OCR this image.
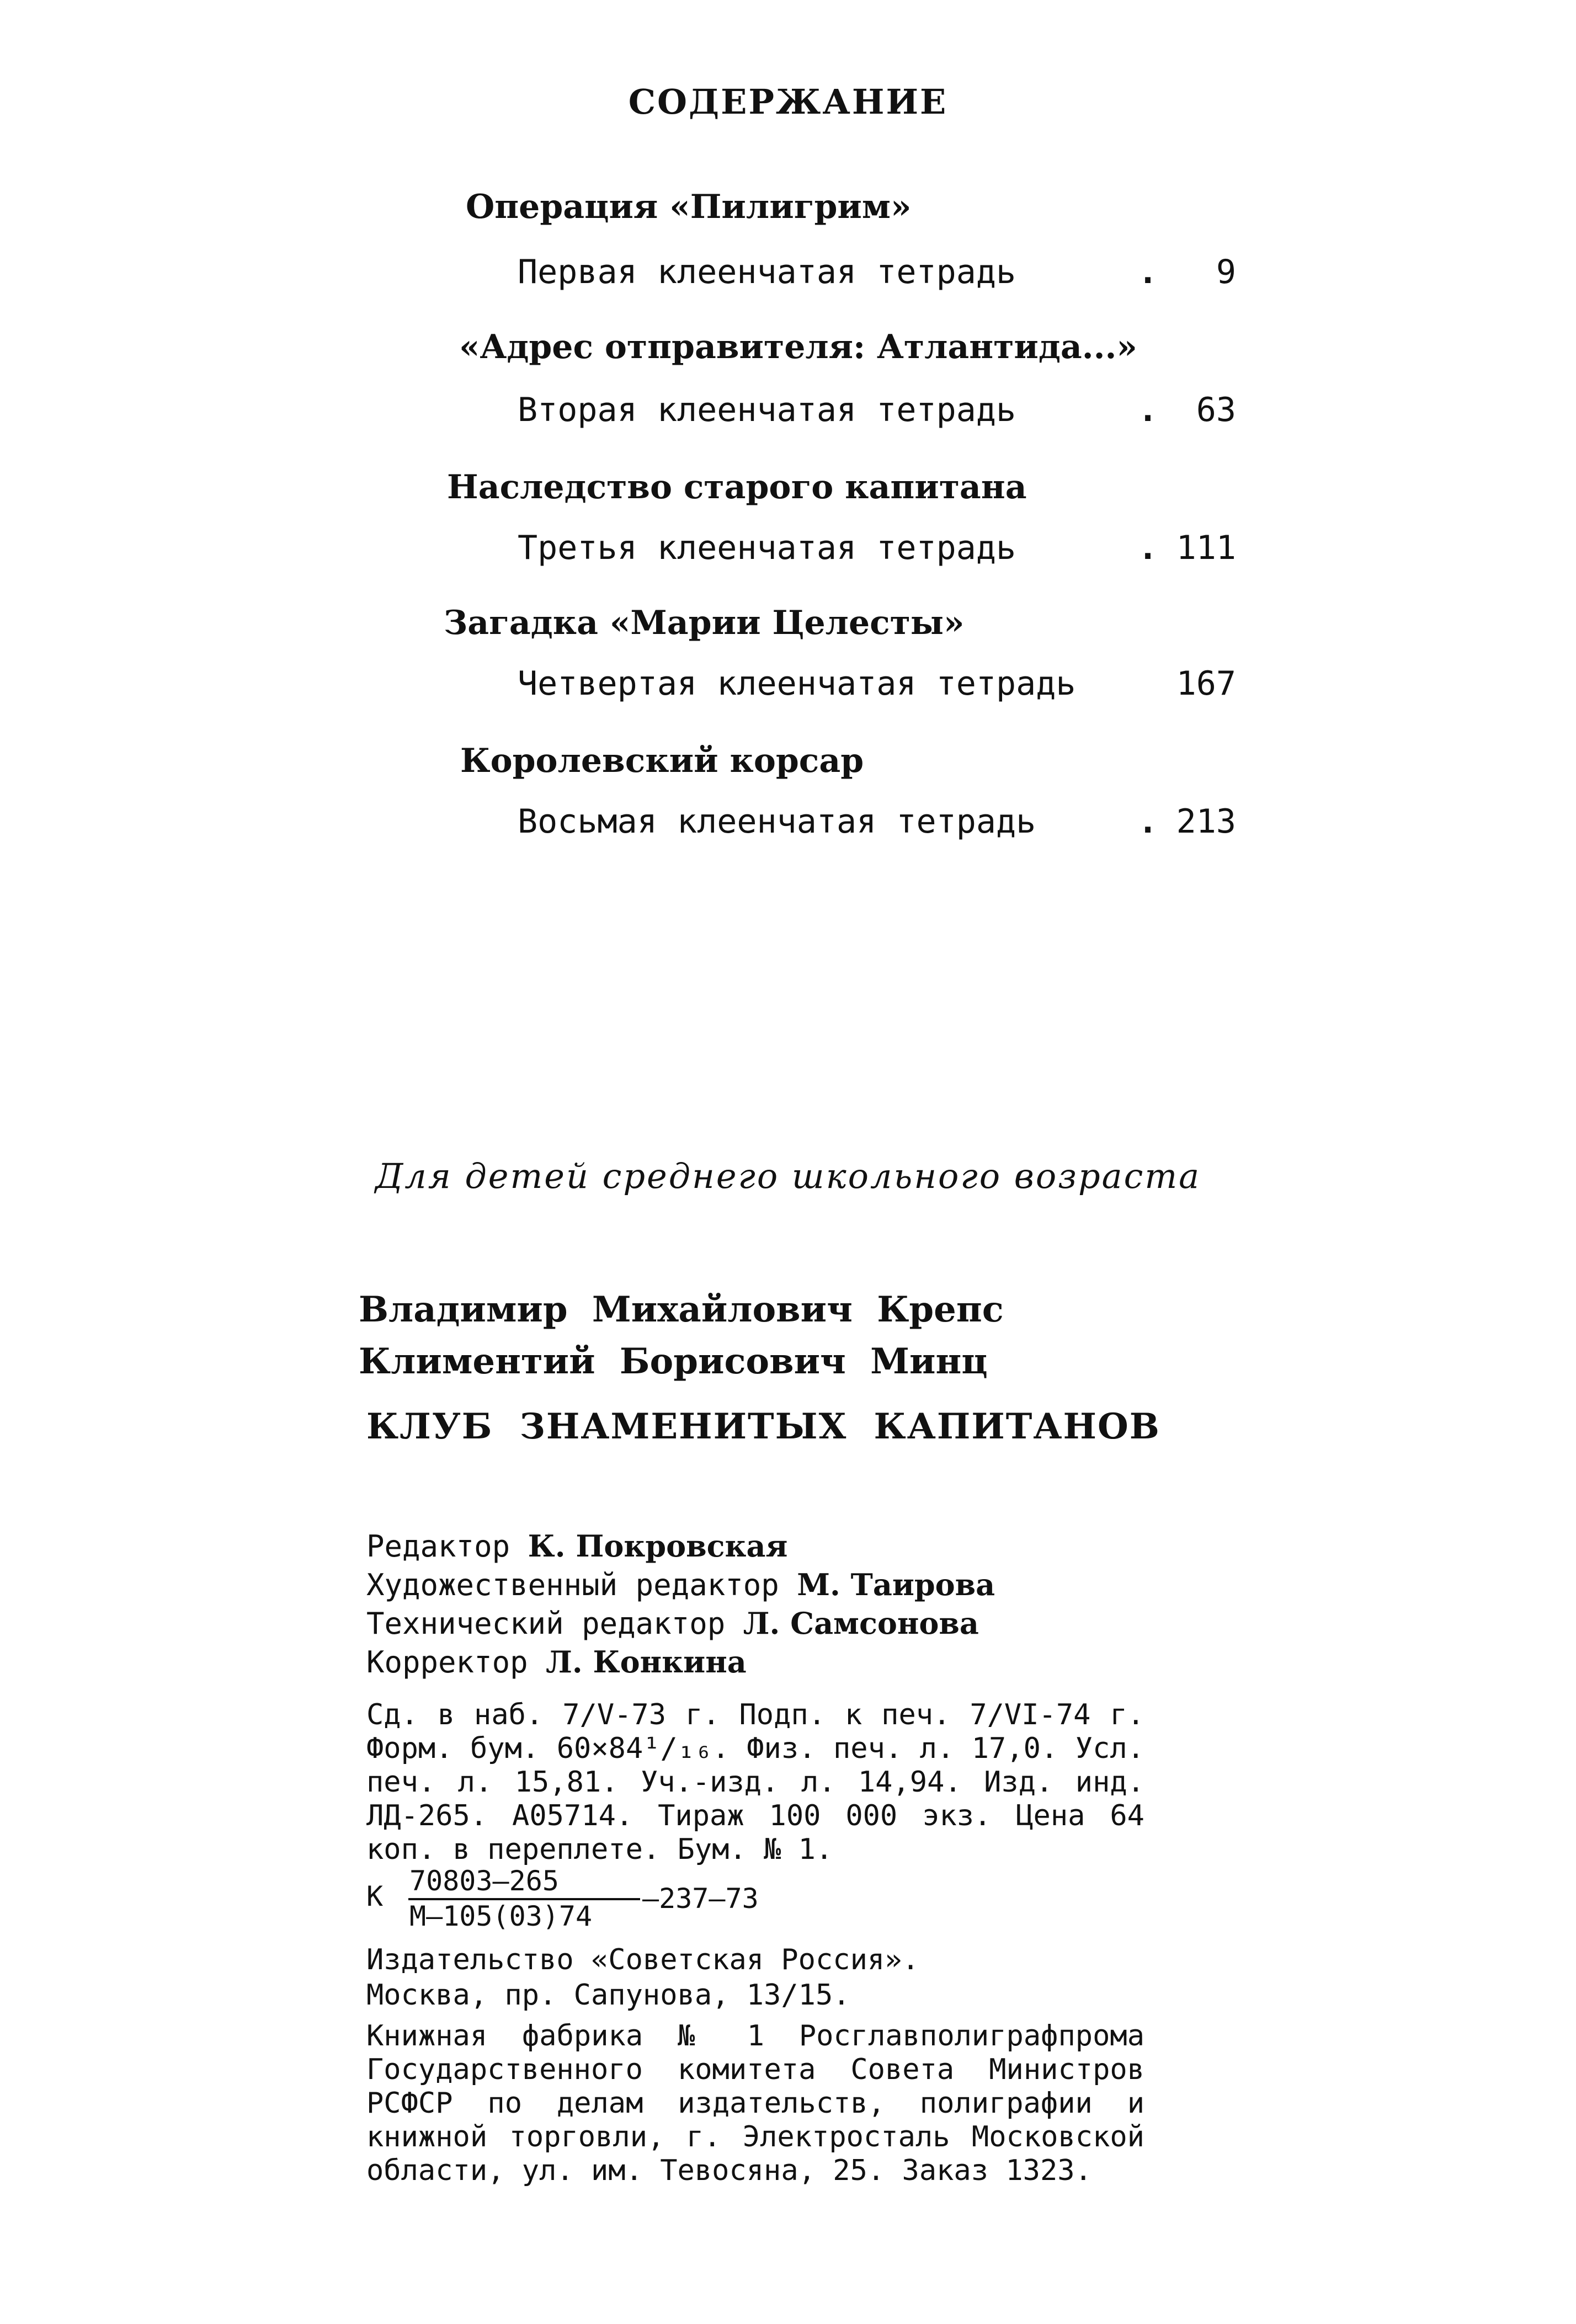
СОДЕРЖАНИЕ
Операция «Пилигрим»
Первая клеенчатая тетрадь	.	9
«Адрес отправителя: Атлантида...»
Вторая клеенчатая тетрадь	.	63
Наследство старого капитана
Третья клеенчатая тетрадь	. 111
Загадка «Марии Целесты»
Четвертая клеенчатая тетрадь	167
Королевский корсар
Восьмая клеенчатая тетрадь	. 213
Для детей среднего школьного возраста
Владимир Михайлович Крепс
Климентий Борисович Минц
КЛУБ ЗНАМЕНИТЫХ КАПИТАНОВ
Редактор К. Покровская
Художественный редактор М. Таирова
Технический редактор Л. Самсонова
Корректор Л. Конкина
Сд. в наб. 7/V-73 г. Подп. к печ. 7/VI-74 г. Форм. бум. 60×84¹/₁₆. Физ. печ. л. 17,0. Усл. печ. л. 15,81. Уч.-изд. л. 14,94. Изд. инд. ЛД-265. А05714. Тираж 100 000 экз. Цена 64 коп. в переплете. Бум. № 1.
К 70803—265
М—105(03)74
—237—73
Издательство «Советская Россия».
Москва, пр. Сапунова, 13/15.
Книжная фабрика № 1 Росглавполиграфпрома Государственного комитета Совета Министров РСФСР по делам издательств, полиграфии и книжной торговли, г. Электросталь Московской области, ул. им. Тевосяна, 25. Заказ 1323.
